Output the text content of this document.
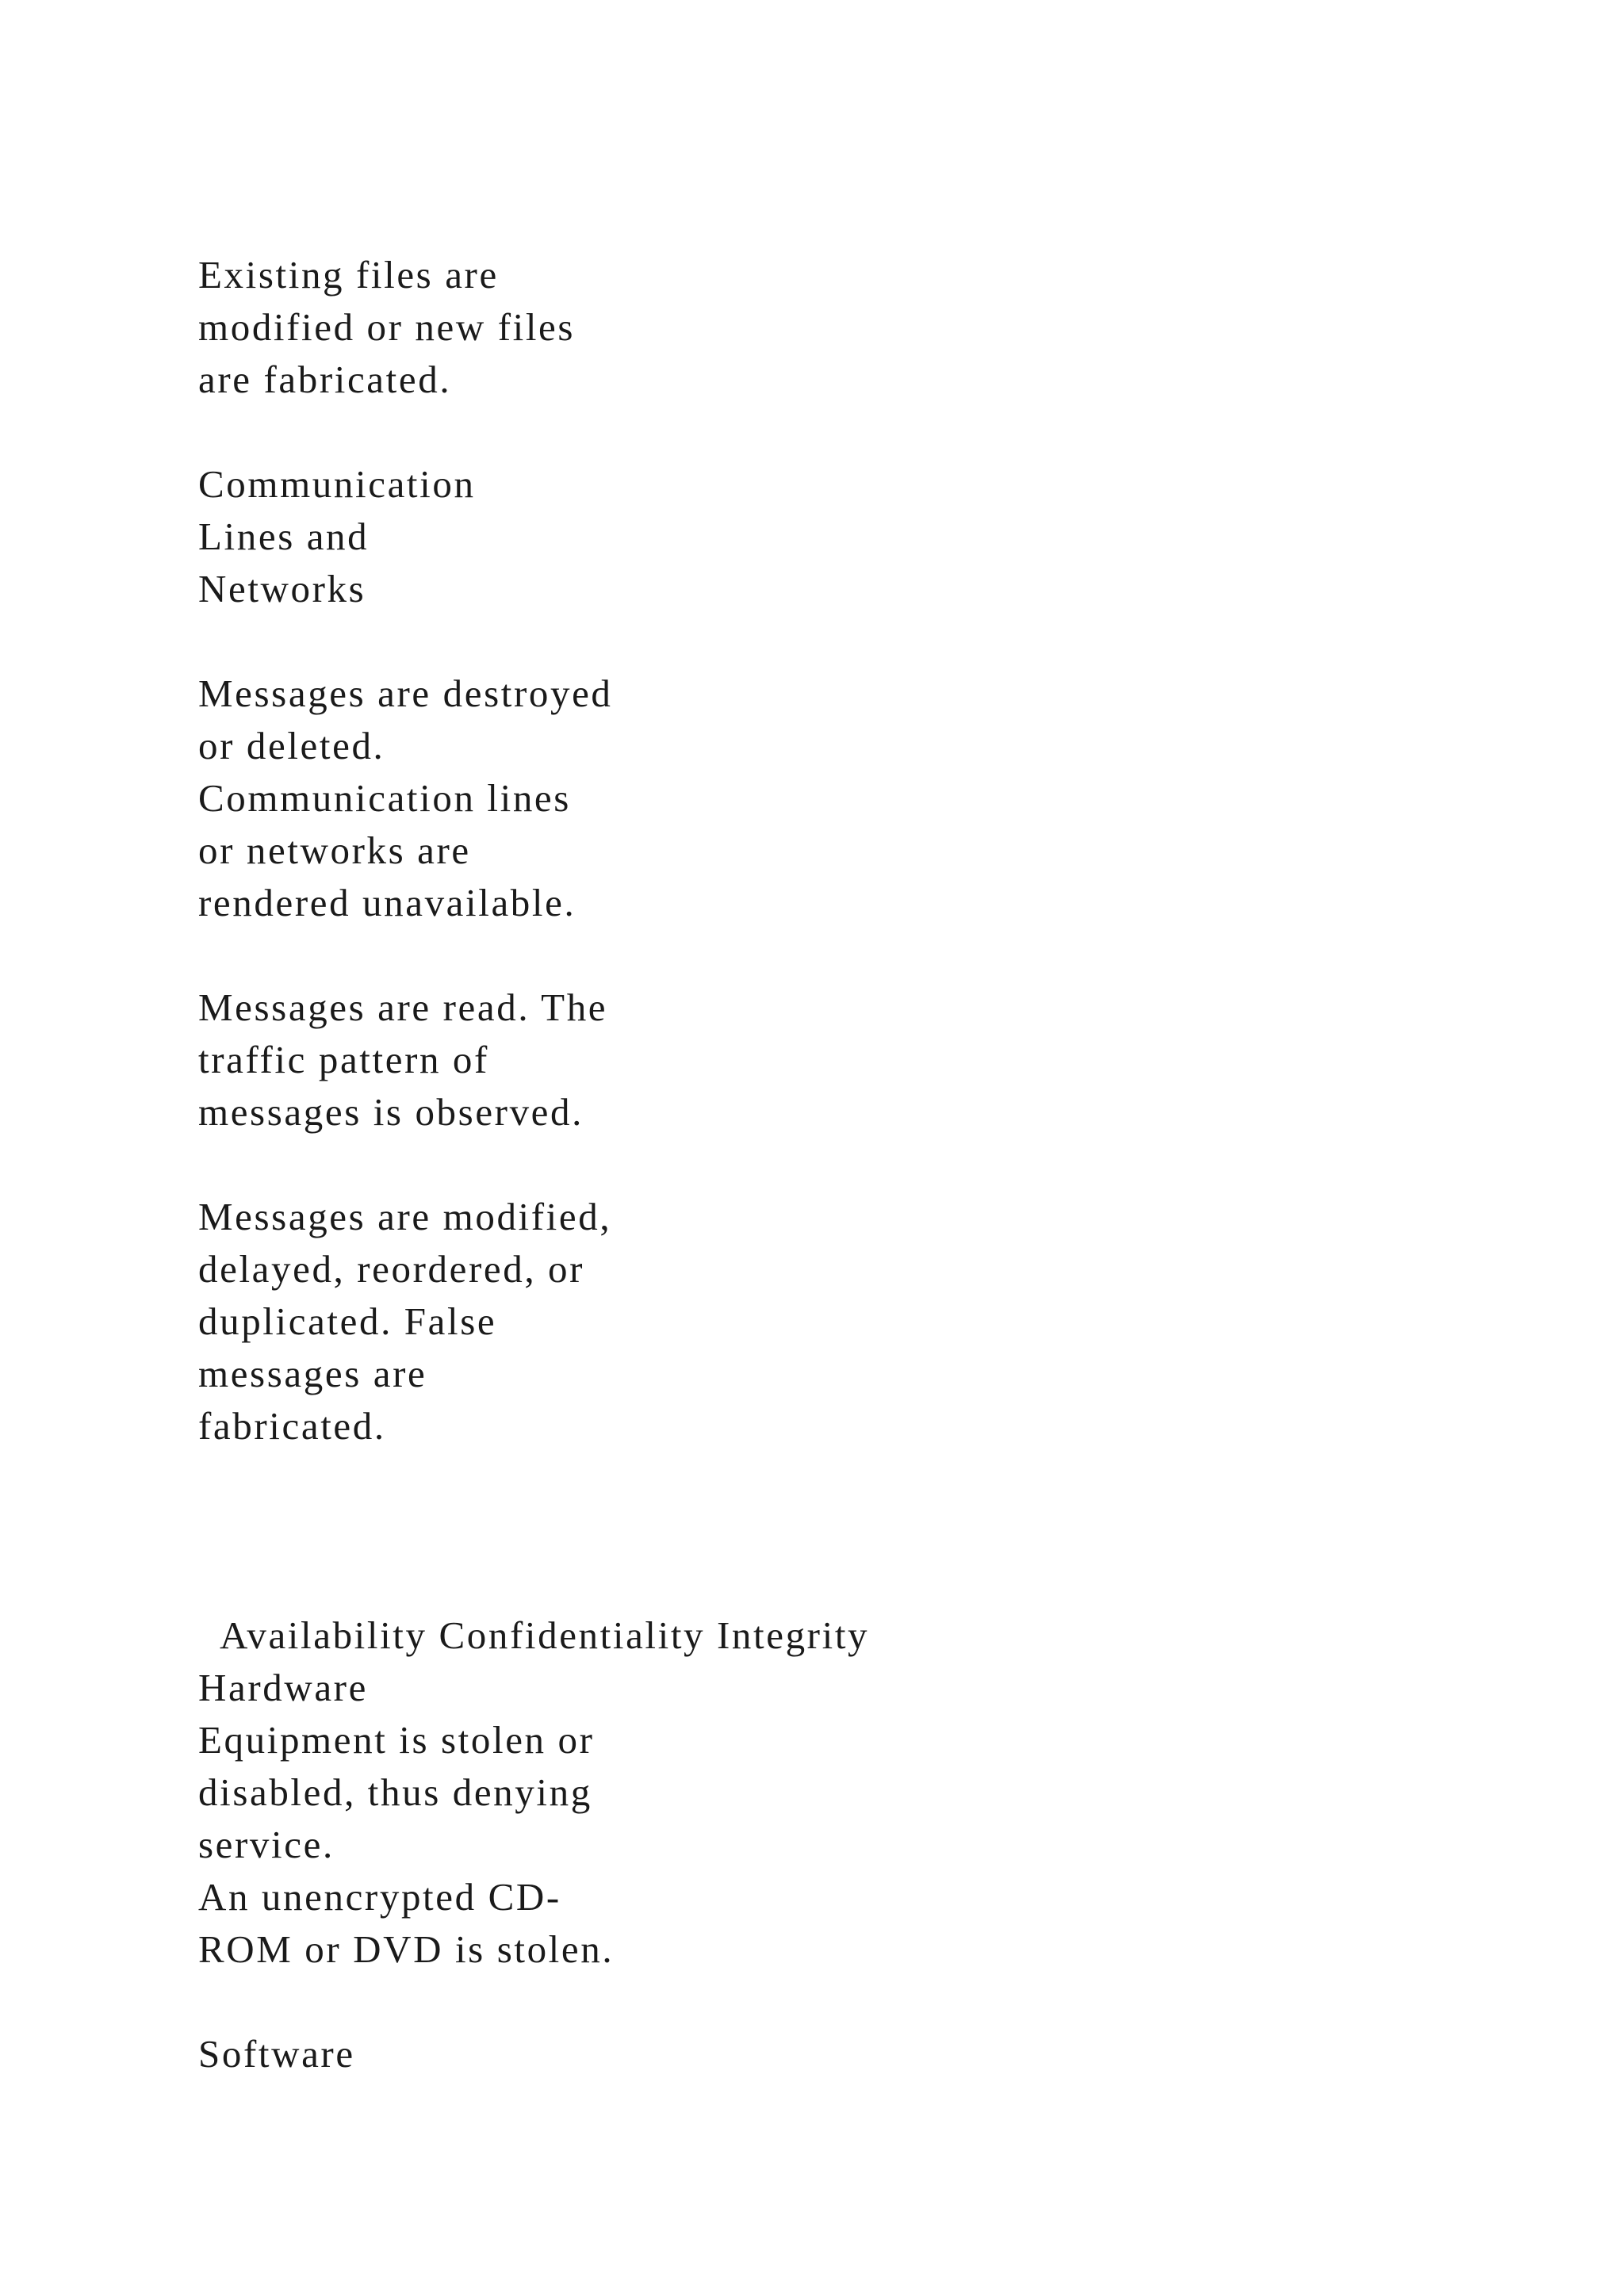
Existing files are

modified or new files

are fabricated.

Communication

Lines and

Networks

Messages are destroyed

or deleted.

Communication lines

or networks are

rendered unavailable.

Messages are read. The

traffic pattern of

messages is observed.

Messages are modified,

delayed, reordered, or

duplicated. False

messages are

fabricated.

Availability Confidentiality Integrity

Hardware

Equipment is stolen or

disabled, thus denying

service.

An unencrypted CD-

ROM or DVD is stolen.

Software
